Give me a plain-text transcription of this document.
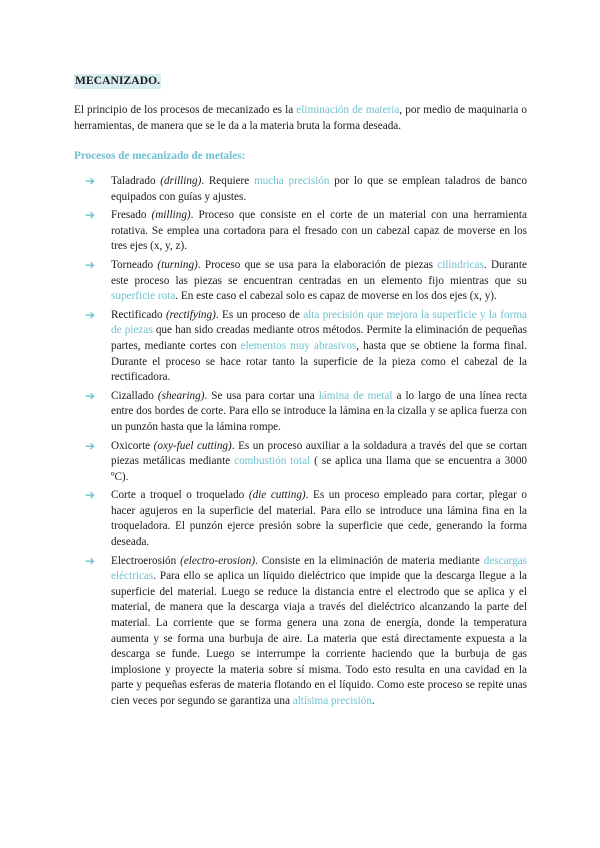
MECANIZADO.

El principio de los procesos de mecanizado es la eliminación de materia, por medio de maquinaria o herramientas, de manera que se le da a la materia bruta la forma deseada.

Procesos de mecanizado de metales:

➔ Taladrado (drilling). Requiere mucha precisión por lo que se emplean taladros de banco equipados con guías y ajustes.
➔ Fresado (milling). Proceso que consiste en el corte de un material con una herramienta rotativa. Se emplea una cortadora para el fresado con un cabezal capaz de moverse en los tres ejes (x, y, z).
➔ Torneado (turning). Proceso que se usa para la elaboración de piezas cilíndricas. Durante este proceso las piezas se encuentran centradas en un elemento fijo mientras que su superficie rota. En este caso el cabezal solo es capaz de moverse en los dos ejes (x, y).
➔ Rectificado (rectifying). Es un proceso de alta precisión que mejora la superficie y la forma de piezas que han sido creadas mediante otros métodos. Permite la eliminación de pequeñas partes, mediante cortes con elementos muy abrasivos, hasta que se obtiene la forma final. Durante el proceso se hace rotar tanto la superficie de la pieza como el cabezal de la rectificadora.
➔ Cizallado (shearing). Se usa para cortar una lámina de metal a lo largo de una línea recta entre dos bordes de corte. Para ello se introduce la lámina en la cizalla y se aplica fuerza con un punzón hasta que la lámina rompe.
➔ Oxicorte (oxy-fuel cutting). Es un proceso auxiliar a la soldadura a través del que se cortan piezas metálicas mediante combustión total ( se aplica una llama que se encuentra a 3000 ºC).
➔ Corte a troquel o troquelado (die cutting). Es un proceso empleado para cortar, plegar o hacer agujeros en la superficie del material. Para ello se introduce una lámina fina en la troqueladora. El punzón ejerce presión sobre la superficie que cede, generando la forma deseada.
➔ Electroerosión (electro-erosion). Consiste en la eliminación de materia mediante descargas eléctricas. Para ello se aplica un líquido dieléctrico que impide que la descarga llegue a la superficie del material. Luego se reduce la distancia entre el electrodo que se aplica y el material, de manera que la descarga viaja a través del dieléctrico alcanzando la parte del material. La corriente que se forma genera una zona de energía, donde la temperatura aumenta y se forma una burbuja de aire. La materia que está directamente expuesta a la descarga se funde. Luego se interrumpe la corriente haciendo que la burbuja de gas implosione y proyecte la materia sobre sí misma. Todo esto resulta en una cavidad en la parte y pequeñas esferas de materia flotando en el líquido. Como este proceso se repite unas cien veces por segundo se garantiza una altísima precisión.
